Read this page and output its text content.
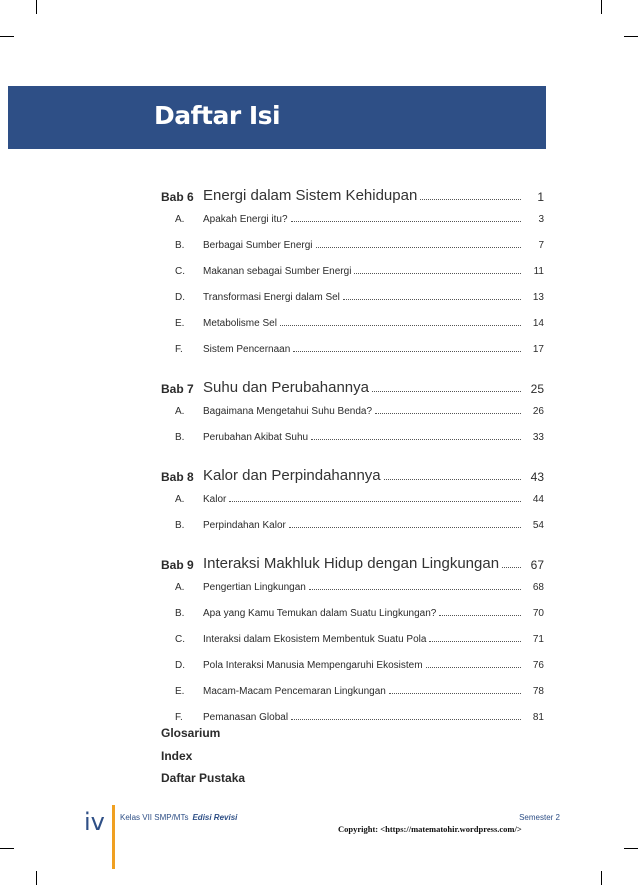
Daftar Isi
Bab 6 Energi dalam Sistem Kehidupan	1
A. Apakah Energi itu?	3
B. Berbagai Sumber Energi	7
C. Makanan sebagai Sumber Energi	11
D. Transformasi Energi dalam Sel	13
E. Metabolisme Sel	14
F. Sistem Pencernaan	17
Bab 7 Suhu dan Perubahannya	25
A. Bagaimana Mengetahui Suhu Benda?	26
B. Perubahan Akibat Suhu	33
Bab 8 Kalor dan Perpindahannya	43
A. Kalor	44
B. Perpindahan Kalor	54
Bab 9 Interaksi Makhluk Hidup dengan Lingkungan	67
A. Pengertian Lingkungan	68
B. Apa yang Kamu Temukan dalam Suatu Lingkungan?	70
C. Interaksi dalam Ekosistem Membentuk Suatu Pola	71
D. Pola Interaksi Manusia Mempengaruhi Ekosistem	76
E. Macam-Macam Pencemaran Lingkungan	78
F. Pemanasan Global	81
Glosarium
Index
Daftar Pustaka
iv Kelas VII SMP/MTs Edisi Revisi	Semester 2
Copyright: <https://matematohir.wordpress.com/>
